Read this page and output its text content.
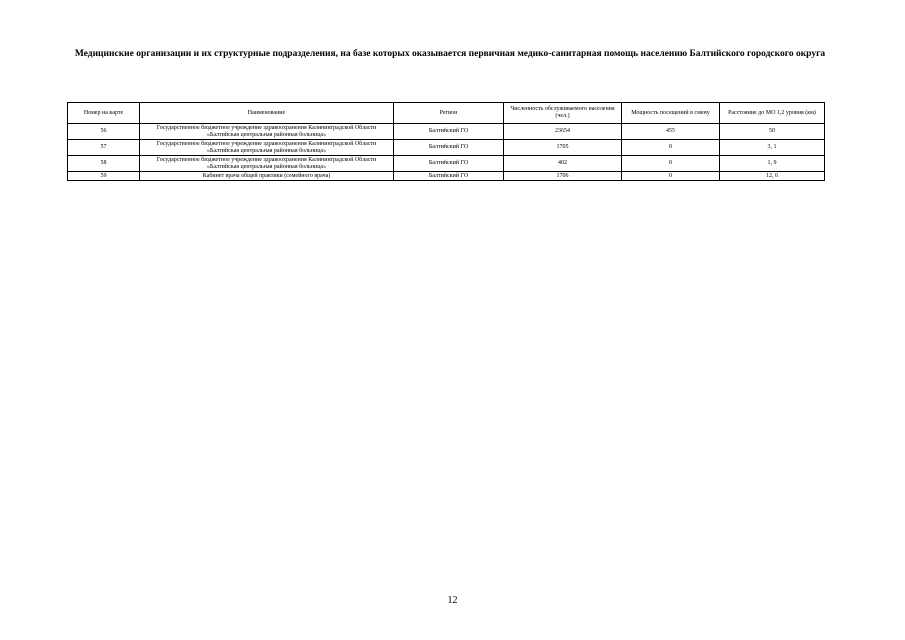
Медицинские организации и их структурные подразделения, на базе которых оказывается первичная медико-санитарная помощь населению Балтийского городского округа
Номер на карте	Наименование	Регион	Численность обслуживаемого населения (чел.)	Мощность посещений в смену	Расстояние до МО 1,2 уровня (км)
56	Государственное бюджетное учреждение здравоохранения Калининградской Области «Балтийская центральная районная больница»	Балтийский ГО	23654	455	50
57	Государственное бюджетное учреждение здравоохранения Калининградской Области «Балтийская центральная районная больница»	Балтийский ГО	1705	0	3, 1
58	Государственное бюджетное учреждение здравоохранения Калининградской Области «Балтийская центральная районная больница»	Балтийский ГО	402	0	1, 9
59	Кабинет врача общей практики (семейного врача)	Балтийский ГО	1706	0	12, 6
12
